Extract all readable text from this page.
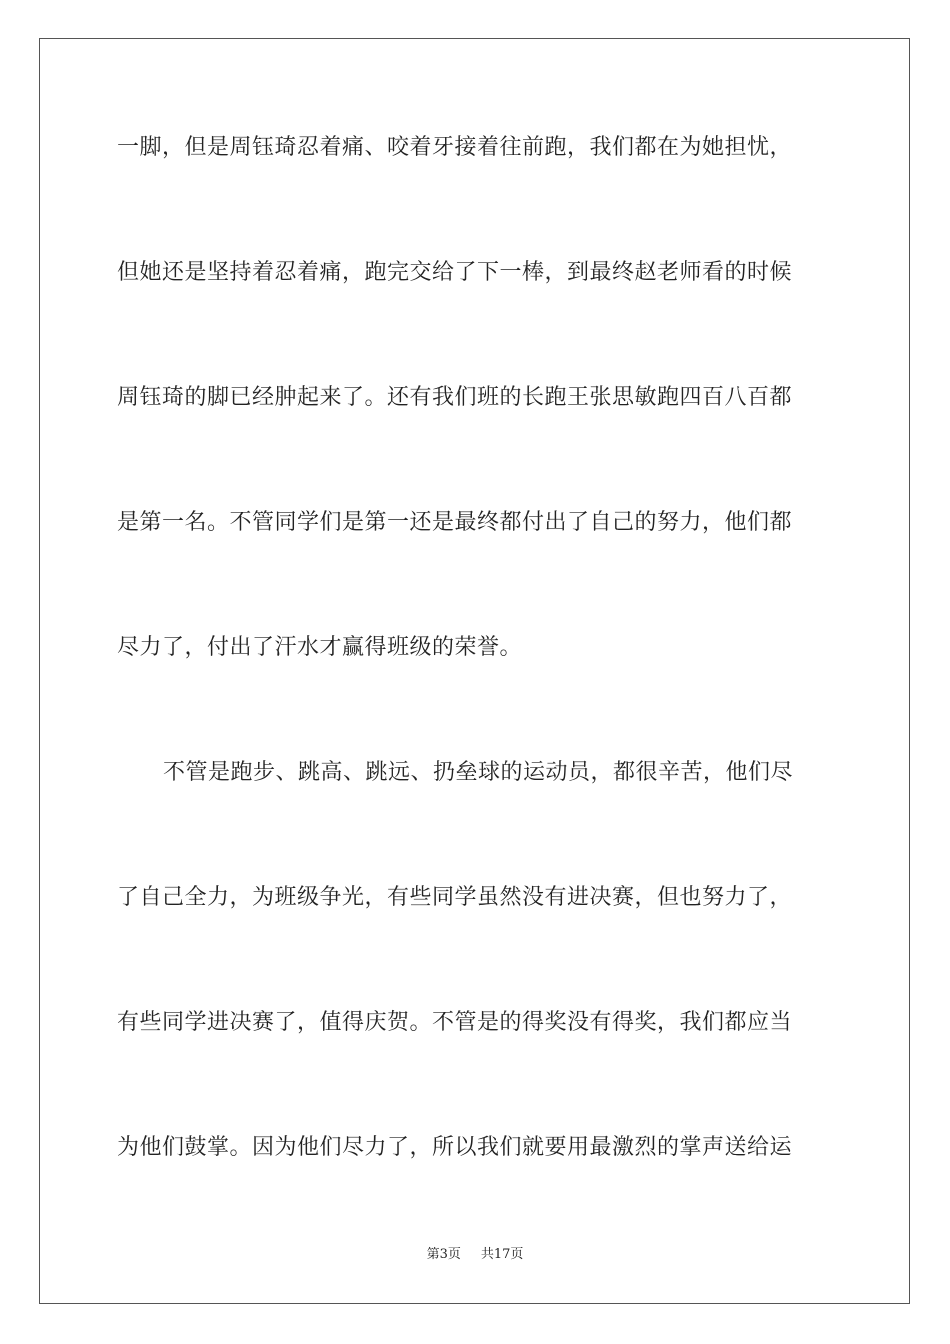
一脚，但是周钰琦忍着痛、咬着牙接着往前跑，我们都在为她担忧，
但她还是坚持着忍着痛，跑完交给了下一棒，到最终赵老师看的时候
周钰琦的脚已经肿起来了。还有我们班的长跑王张思敏跑四百八百都
是第一名。不管同学们是第一还是最终都付出了自己的努力，他们都
尽力了，付出了汗水才赢得班级的荣誉。
不管是跑步、跳高、跳远、扔垒球的运动员，都很辛苦，他们尽
了自己全力，为班级争光，有些同学虽然没有进决赛，但也努力了，
有些同学进决赛了，值得庆贺。不管是的得奖没有得奖，我们都应当
为他们鼓掌。因为他们尽力了，所以我们就要用最激烈的掌声送给运
第3页 共17页
